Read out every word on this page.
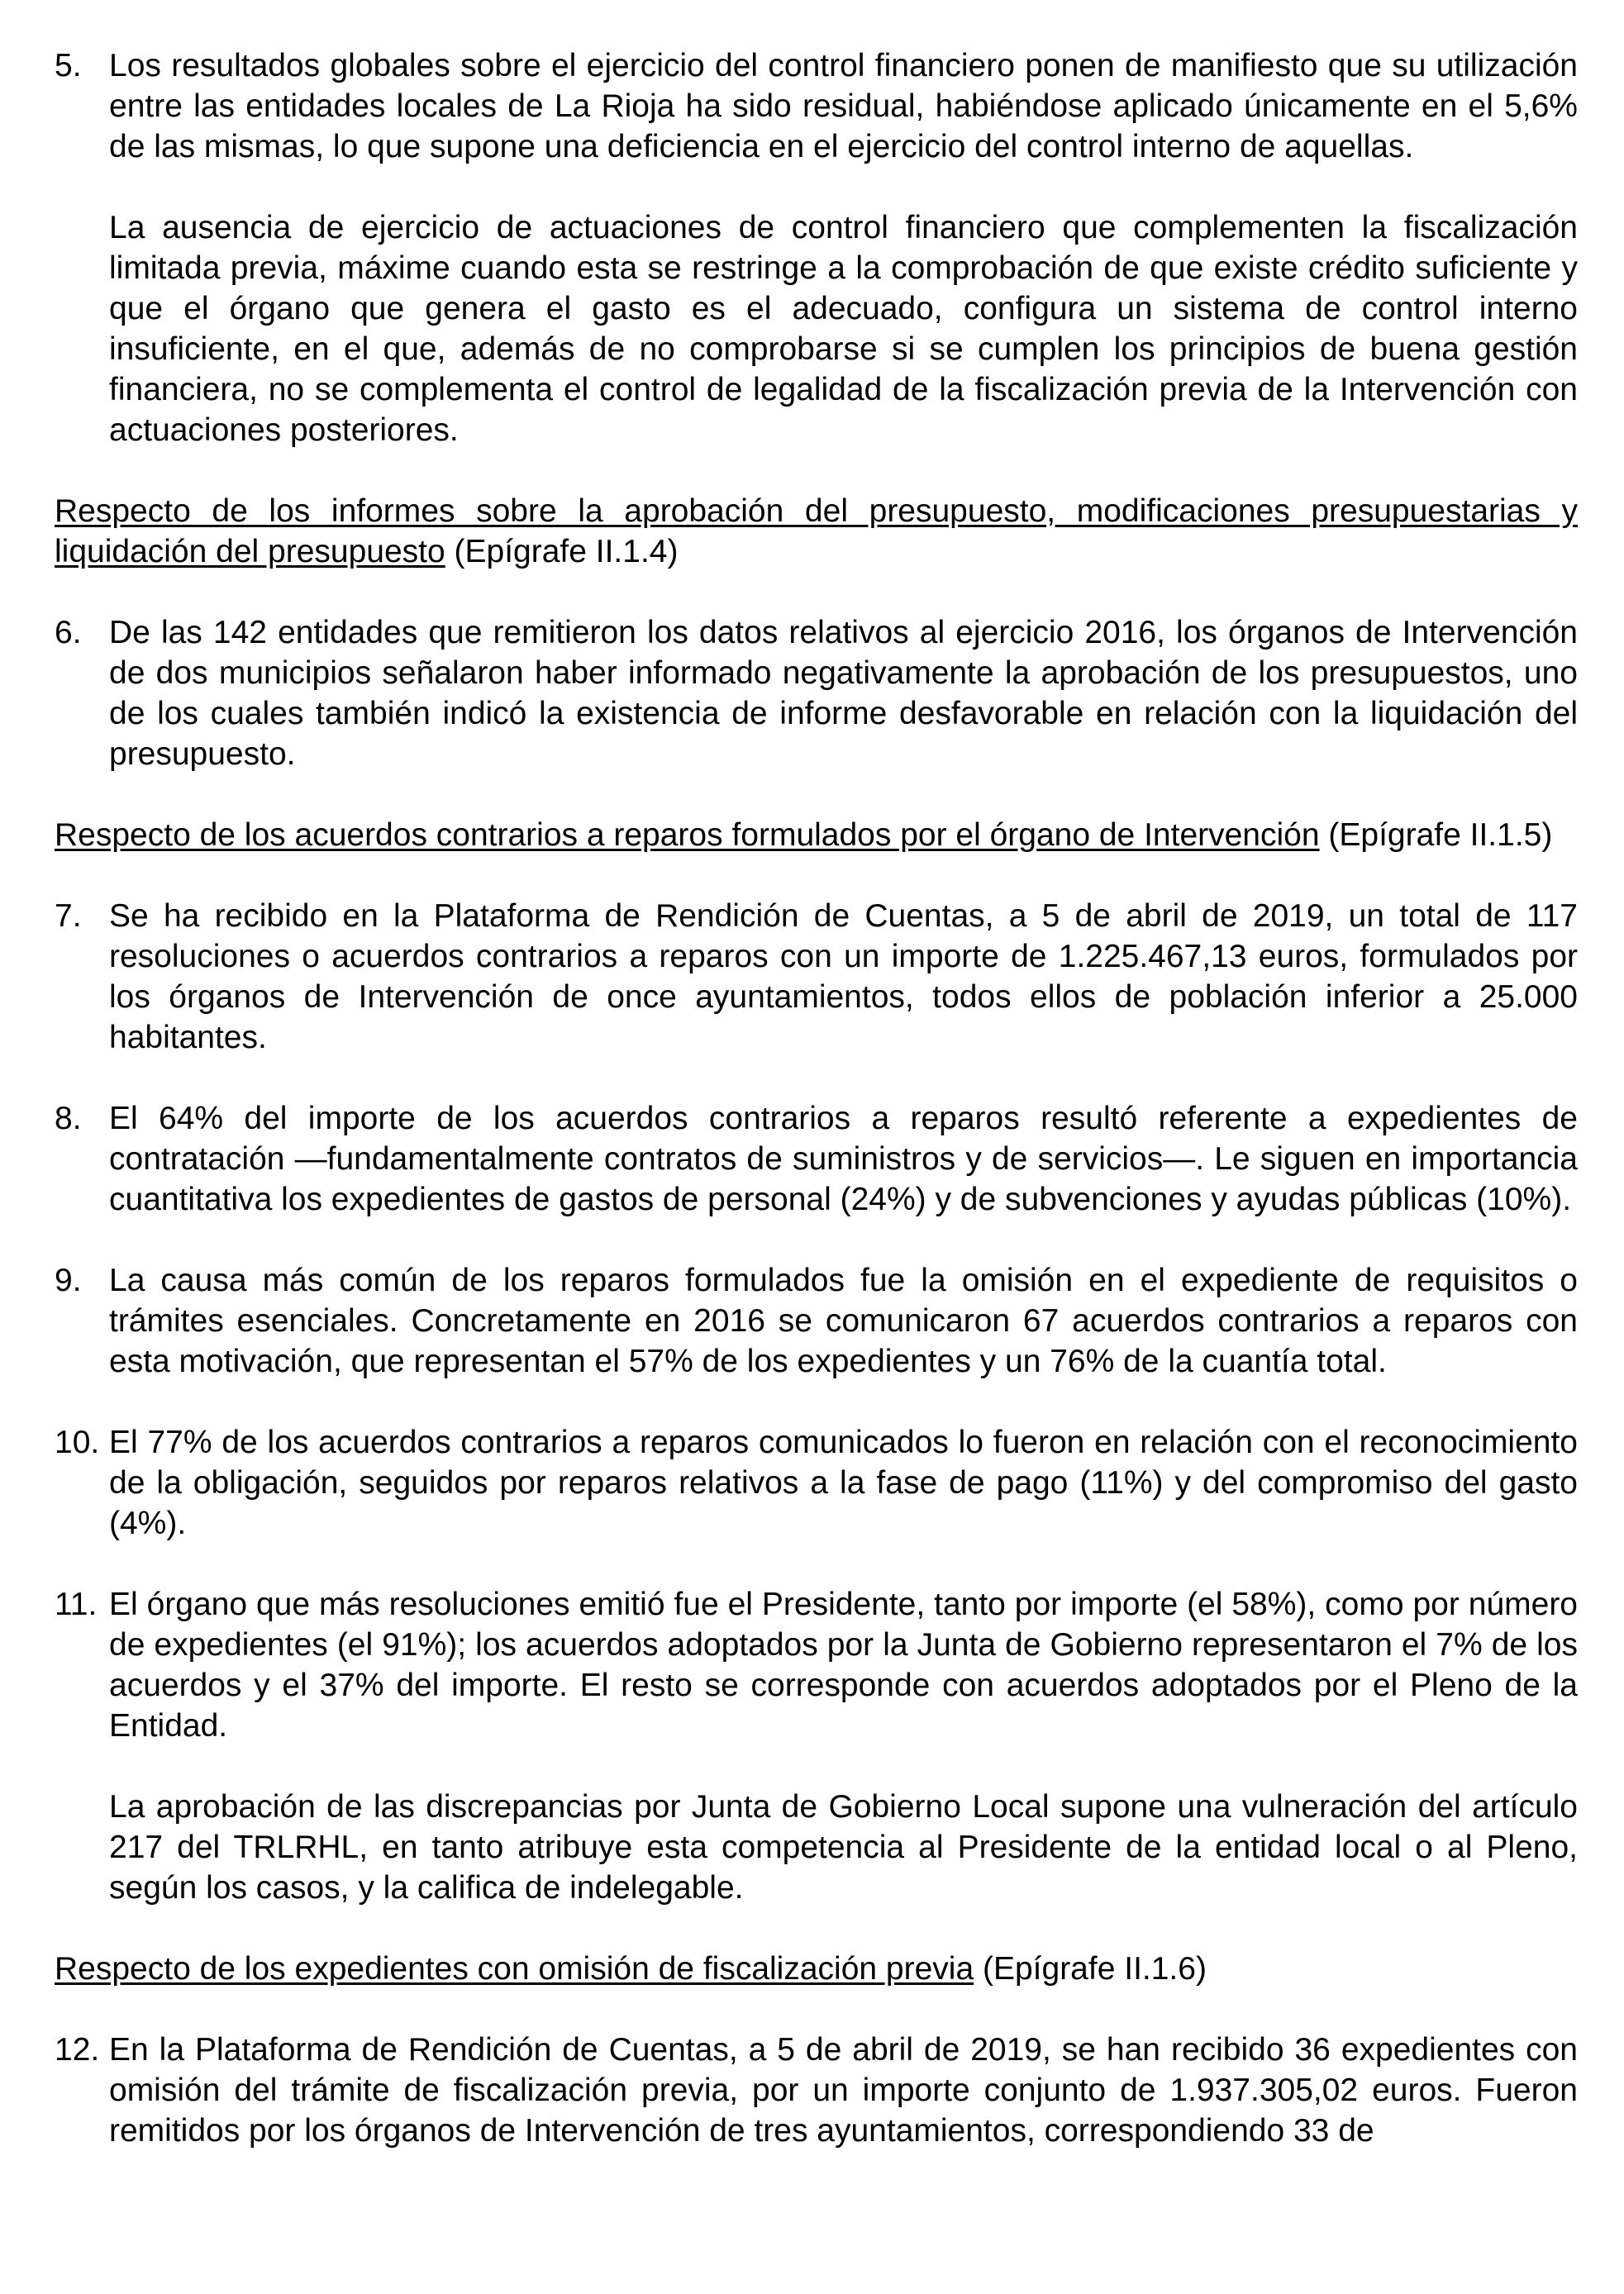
5. Los resultados globales sobre el ejercicio del control financiero ponen de manifiesto que su utilización entre las entidades locales de La Rioja ha sido residual, habiéndose aplicado únicamente en el 5,6% de las mismas, lo que supone una deficiencia en el ejercicio del control interno de aquellas.

La ausencia de ejercicio de actuaciones de control financiero que complementen la fiscalización limitada previa, máxime cuando esta se restringe a la comprobación de que existe crédito suficiente y que el órgano que genera el gasto es el adecuado, configura un sistema de control interno insuficiente, en el que, además de no comprobarse si se cumplen los principios de buena gestión financiera, no se complementa el control de legalidad de la fiscalización previa de la Intervención con actuaciones posteriores.

Respecto de los informes sobre la aprobación del presupuesto, modificaciones presupuestarias y liquidación del presupuesto (Epígrafe II.1.4)

6. De las 142 entidades que remitieron los datos relativos al ejercicio 2016, los órganos de Intervención de dos municipios señalaron haber informado negativamente la aprobación de los presupuestos, uno de los cuales también indicó la existencia de informe desfavorable en relación con la liquidación del presupuesto.

Respecto de los acuerdos contrarios a reparos formulados por el órgano de Intervención (Epígrafe II.1.5)

7. Se ha recibido en la Plataforma de Rendición de Cuentas, a 5 de abril de 2019, un total de 117 resoluciones o acuerdos contrarios a reparos con un importe de 1.225.467,13 euros, formulados por los órganos de Intervención de once ayuntamientos, todos ellos de población inferior a 25.000 habitantes.

8. El 64% del importe de los acuerdos contrarios a reparos resultó referente a expedientes de contratación —fundamentalmente contratos de suministros y de servicios—. Le siguen en importancia cuantitativa los expedientes de gastos de personal (24%) y de subvenciones y ayudas públicas (10%).

9. La causa más común de los reparos formulados fue la omisión en el expediente de requisitos o trámites esenciales. Concretamente en 2016 se comunicaron 67 acuerdos contrarios a reparos con esta motivación, que representan el 57% de los expedientes y un 76% de la cuantía total.

10. El 77% de los acuerdos contrarios a reparos comunicados lo fueron en relación con el reconocimiento de la obligación, seguidos por reparos relativos a la fase de pago (11%) y del compromiso del gasto (4%).

11. El órgano que más resoluciones emitió fue el Presidente, tanto por importe (el 58%), como por número de expedientes (el 91%); los acuerdos adoptados por la Junta de Gobierno representaron el 7% de los acuerdos y el 37% del importe. El resto se corresponde con acuerdos adoptados por el Pleno de la Entidad.

La aprobación de las discrepancias por Junta de Gobierno Local supone una vulneración del artículo 217 del TRLRHL, en tanto atribuye esta competencia al Presidente de la entidad local o al Pleno, según los casos, y la califica de indelegable.

Respecto de los expedientes con omisión de fiscalización previa (Epígrafe II.1.6)

12. En la Plataforma de Rendición de Cuentas, a 5 de abril de 2019, se han recibido 36 expedientes con omisión del trámite de fiscalización previa, por un importe conjunto de 1.937.305,02 euros. Fueron remitidos por los órganos de Intervención de tres ayuntamientos, correspondiendo 33 de
